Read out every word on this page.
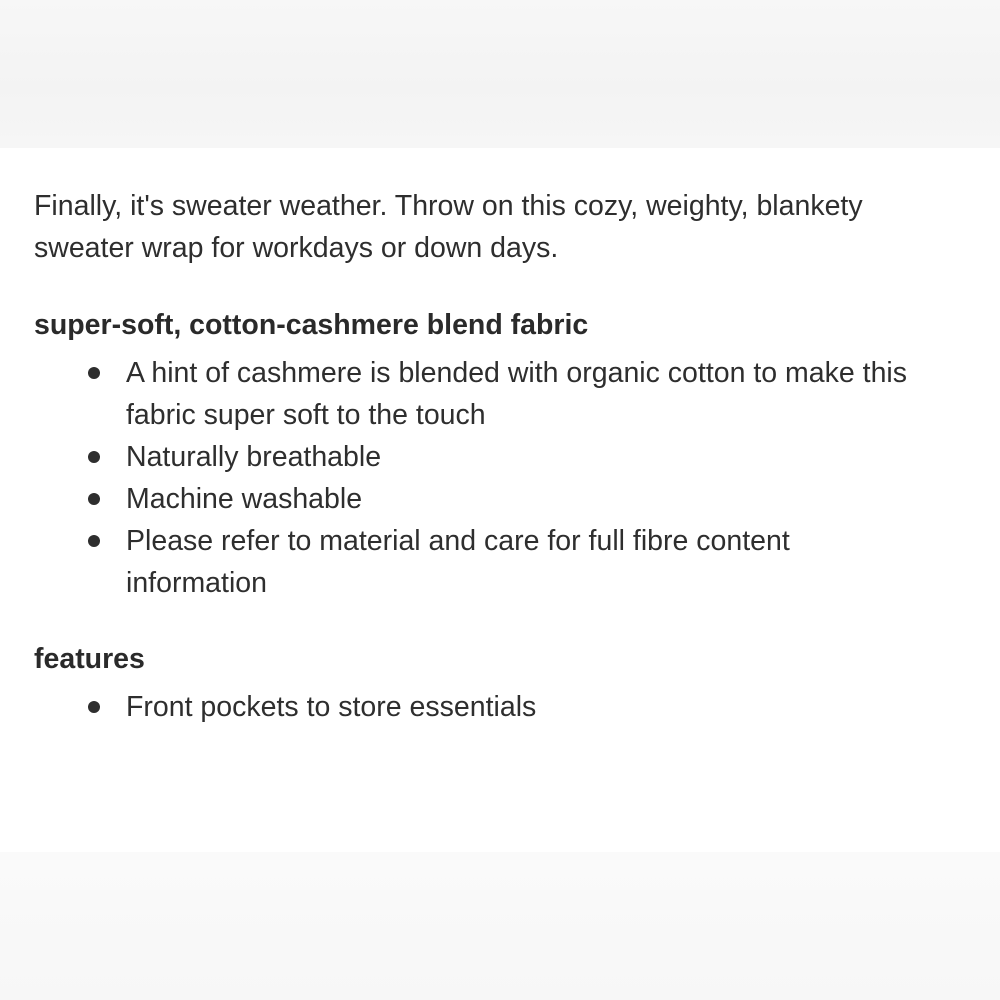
Finally, it's sweater weather. Throw on this cozy, weighty, blankety sweater wrap for workdays or down days.

super-soft, cotton-cashmere blend fabric
A hint of cashmere is blended with organic cotton to make this fabric super soft to the touch
Naturally breathable
Machine washable
Please refer to material and care for full fibre content information
features
Front pockets to store essentials
